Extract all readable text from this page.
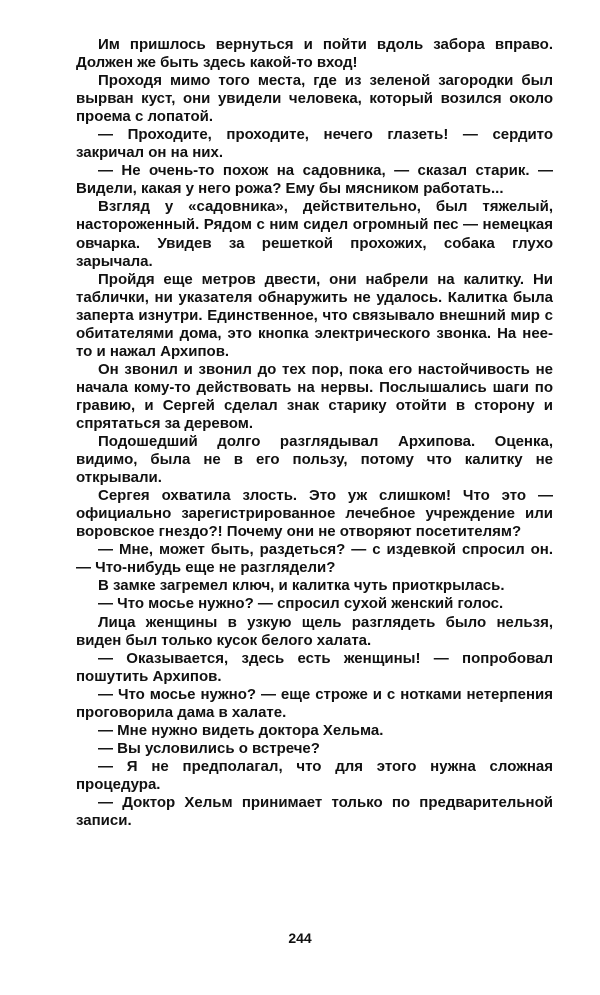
Им пришлось вернуться и пойти вдоль забора вправо. Должен же быть здесь какой-то вход!

Проходя мимо того места, где из зеленой загородки был вырван куст, они увидели человека, который возился около проема с лопатой.

— Проходите, проходите, нечего глазеть! — сердито закричал он на них.

— Не очень-то похож на садовника, — сказал старик. — Видели, какая у него рожа? Ему бы мясником работать...

Взгляд у «садовника», действительно, был тяжелый, настороженный. Рядом с ним сидел огромный пес — немецкая овчарка. Увидев за решеткой прохожих, собака глухо зарычала.

Пройдя еще метров двести, они набрели на калитку. Ни таблички, ни указателя обнаружить не удалось. Калитка была заперта изнутри. Единственное, что связывало внешний мир с обитателями дома, это кнопка электрического звонка. На нее-то и нажал Архипов.

Он звонил и звонил до тех пор, пока его настойчивость не начала кому-то действовать на нервы. Послышались шаги по гравию, и Сергей сделал знак старику отойти в сторону и спрятаться за деревом.

Подошедший долго разглядывал Архипова. Оценка, видимо, была не в его пользу, потому что калитку не открывали.

Сергея охватила злость. Это уж слишком! Что это — официально зарегистрированное лечебное учреждение или воровское гнездо?! Почему они не отворяют посетителям?

— Мне, может быть, раздеться? — с издевкой спросил он. — Что-нибудь еще не разглядели?

В замке загремел ключ, и калитка чуть приоткрылась.

— Что мосье нужно? — спросил сухой женский голос.

Лица женщины в узкую щель разглядеть было нельзя, виден был только кусок белого халата.

— Оказывается, здесь есть женщины! — попробовал пошутить Архипов.

— Что мосье нужно? — еще строже и с нотками нетерпения проговорила дама в халате.

— Мне нужно видеть доктора Хельма.

— Вы условились о встрече?

— Я не предполагал, что для этого нужна сложная процедура.

— Доктор Хельм принимает только по предварительной записи.

244
